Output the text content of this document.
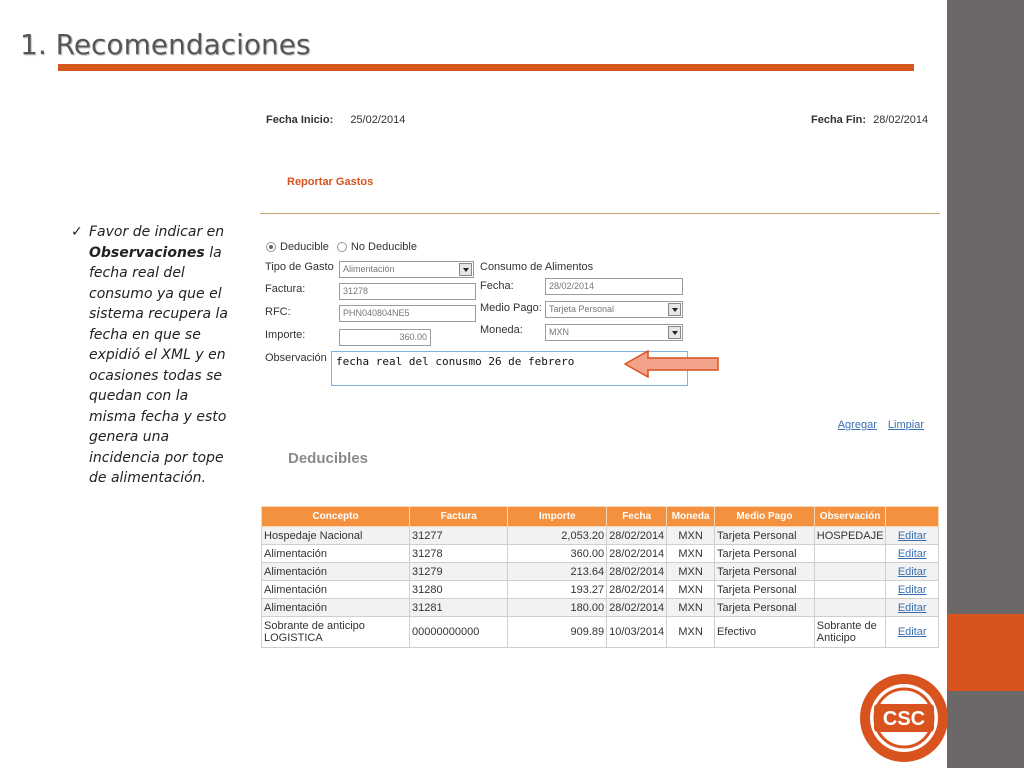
1. Recomendaciones
✓ Favor de indicar en Observaciones la fecha real del consumo ya que el sistema recupera la fecha en que se expidió el XML y en ocasiones todas se quedan con la misma fecha y esto genera una incidencia por tope de alimentación.
Fecha Inicio: 25/02/2014	Fecha Fin: 28/02/2014
Reportar Gastos
Deducible No Deducible
Tipo de Gasto	Alimentación	Consumo de Alimentos
Factura:	31278	Fecha:	28/02/2014
RFC:	PHN040804NE5	Medio Pago: Tarjeta Personal
Importe:	360.00
Moneda:	MXN
Observación fecha real del conusmo 26 de febrero
Agregar Limpiar
Deducibles
Concepto	Factura	Importe	Fecha	Moneda	Medio Pago	Observación	
Hospedaje Nacional	31277	2,053.20	28/02/2014	MXN	Tarjeta Personal	HOSPEDAJE	Editar
Alimentación	31278	360.00	28/02/2014	MXN	Tarjeta Personal		Editar
Alimentación	31279	213.64	28/02/2014	MXN	Tarjeta Personal		Editar
Alimentación	31280	193.27	28/02/2014	MXN	Tarjeta Personal		Editar
Alimentación	31281	180.00	28/02/2014	MXN	Tarjeta Personal		Editar
Sobrante de anticipo LOGISTICA	00000000000	909.89	10/03/2014	MXN	Efectivo	Sobrante de Anticipo	Editar
CSC
